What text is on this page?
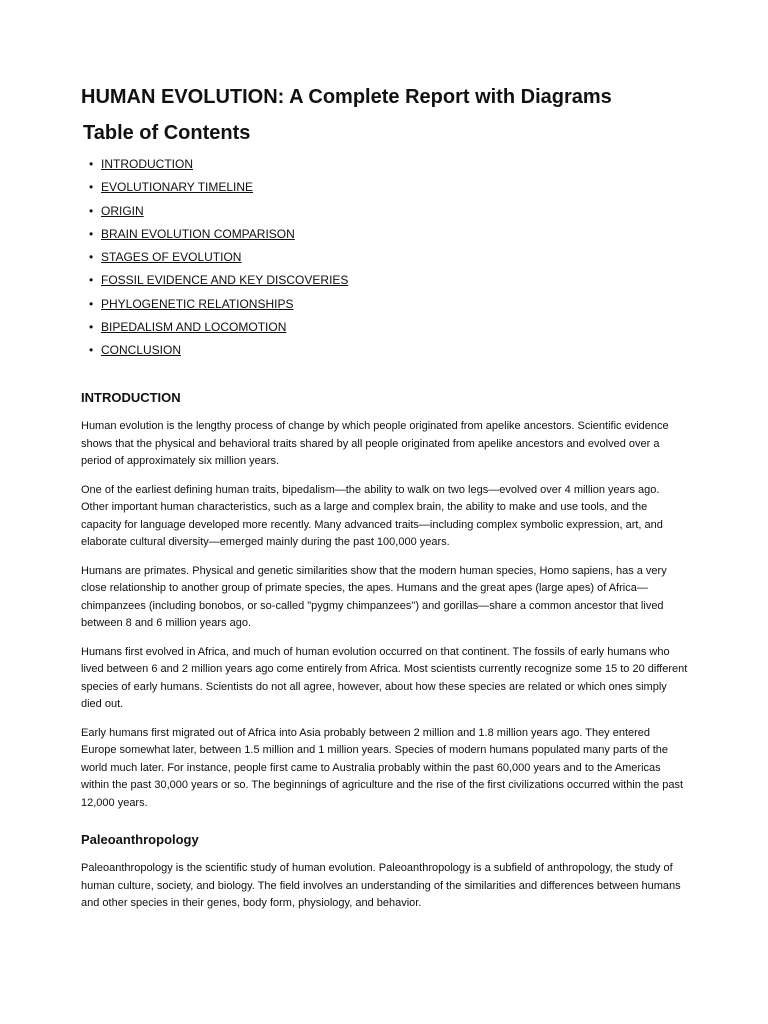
HUMAN EVOLUTION: A Complete Report with Diagrams
Table of Contents
• INTRODUCTION
• EVOLUTIONARY TIMELINE
• ORIGIN
• BRAIN EVOLUTION COMPARISON
• STAGES OF EVOLUTION
• FOSSIL EVIDENCE AND KEY DISCOVERIES
• PHYLOGENETIC RELATIONSHIPS
• BIPEDALISM AND LOCOMOTION
• CONCLUSION
INTRODUCTION

Human evolution is the lengthy process of change by which people originated from apelike ancestors. Scientific evidence shows that the physical and behavioral traits shared by all people originated from apelike ancestors and evolved over a period of approximately six million years.

One of the earliest defining human traits, bipedalism—the ability to walk on two legs—evolved over 4 million years ago. Other important human characteristics, such as a large and complex brain, the ability to make and use tools, and the capacity for language developed more recently. Many advanced traits—including complex symbolic expression, art, and elaborate cultural diversity—emerged mainly during the past 100,000 years.

Humans are primates. Physical and genetic similarities show that the modern human species, Homo sapiens, has a very close relationship to another group of primate species, the apes. Humans and the great apes (large apes) of Africa—chimpanzees (including bonobos, or so-called "pygmy chimpanzees") and gorillas—share a common ancestor that lived between 8 and 6 million years ago.

Humans first evolved in Africa, and much of human evolution occurred on that continent. The fossils of early humans who lived between 6 and 2 million years ago come entirely from Africa. Most scientists currently recognize some 15 to 20 different species of early humans. Scientists do not all agree, however, about how these species are related or which ones simply died out.

Early humans first migrated out of Africa into Asia probably between 2 million and 1.8 million years ago. They entered Europe somewhat later, between 1.5 million and 1 million years. Species of modern humans populated many parts of the world much later. For instance, people first came to Australia probably within the past 60,000 years and to the Americas within the past 30,000 years or so. The beginnings of agriculture and the rise of the first civilizations occurred within the past 12,000 years.

Paleoanthropology

Paleoanthropology is the scientific study of human evolution. Paleoanthropology is a subfield of anthropology, the study of human culture, society, and biology. The field involves an understanding of the similarities and differences between humans and other species in their genes, body form, physiology, and behavior.
